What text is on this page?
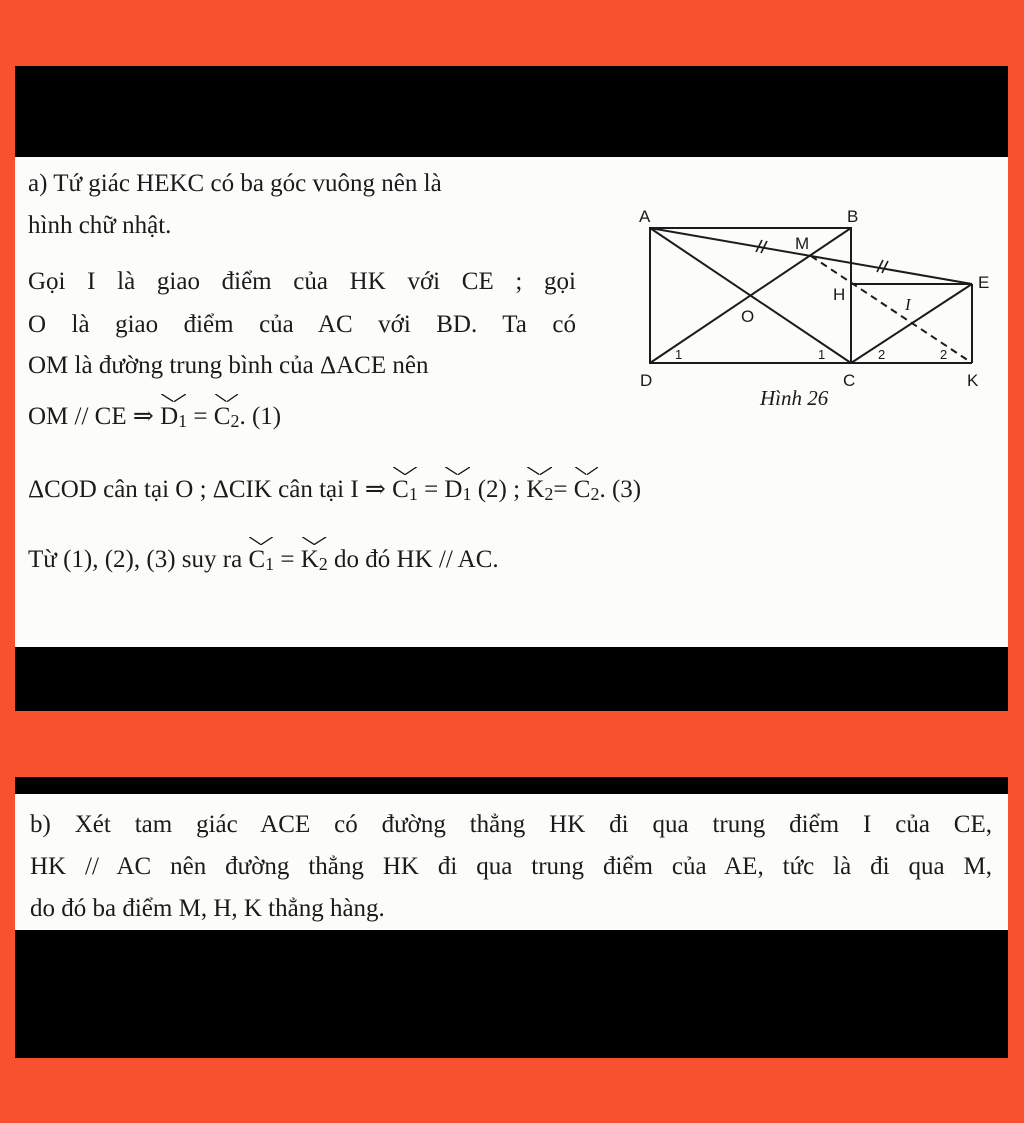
a) Tứ giác HEKC có ba góc vuông nên là
hình chữ nhật.
Gọi I là giao điểm của HK với CE ; gọi
O là giao điểm của AC với BD. Ta có
OM là đường trung bình của ΔACE nên
OM // CE ⇒ $D_1 = C_2$. (1)
ΔCOD cân tại O ; ΔCIK cân tại I ⇒ $C_1 = D_1$ (2) ; $K_2= C_2$. (3)
Từ (1), (2), (3) suy ra $C_1 = K_2$ do đó HK // AC.
A	B
M
E
H
I
O
D	C	K
1	1	2	2
Hình 26
b) Xét tam giác ACE có đường thẳng HK đi qua trung điểm I của CE,
HK // AC nên đường thẳng HK đi qua trung điểm của AE, tức là đi qua M,
do đó ba điểm M, H, K thẳng hàng.
